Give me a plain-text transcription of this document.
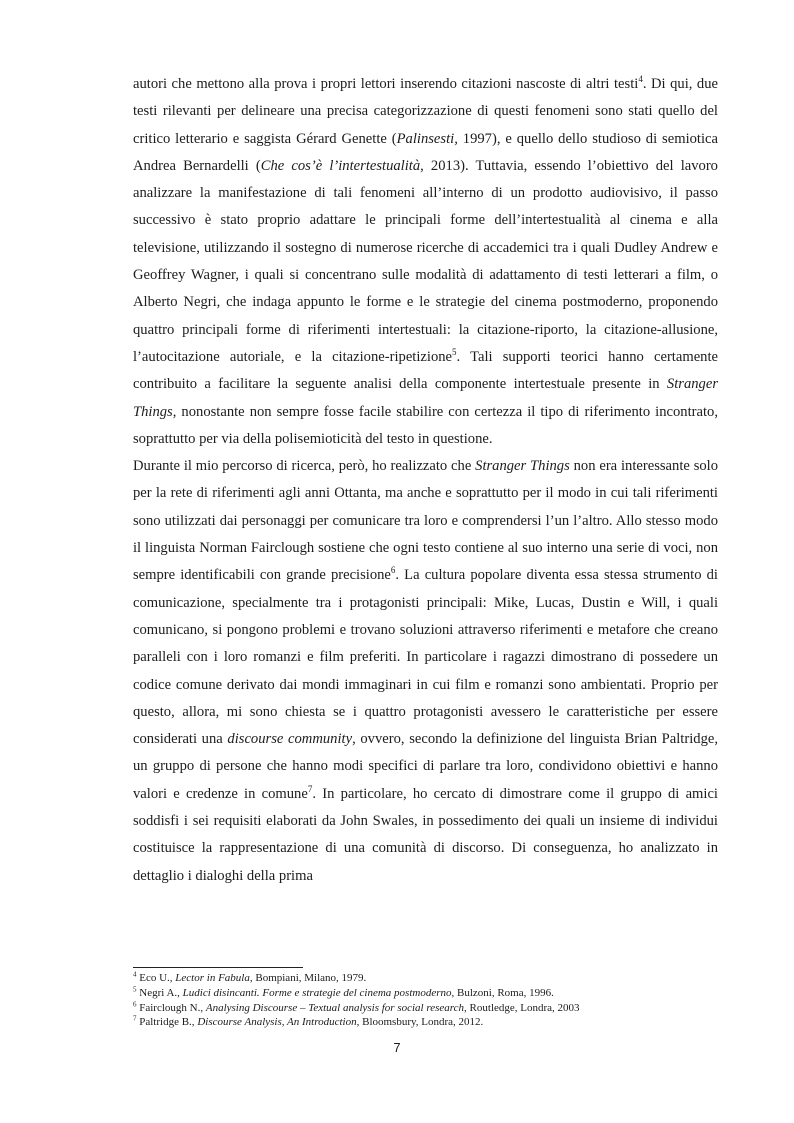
autori che mettono alla prova i propri lettori inserendo citazioni nascoste di altri testi$^4$. Di qui, due testi rilevanti per delineare una precisa categorizzazione di questi fenomeni sono stati quello del critico letterario e saggista Gérard Genette (Palinsesti, 1997), e quello dello studioso di semiotica Andrea Bernardelli (Che cos’è l’intertestualità, 2013). Tuttavia, essendo l’obiettivo del lavoro analizzare la manifestazione di tali fenomeni all’interno di un prodotto audiovisivo, il passo successivo è stato proprio adattare le principali forme dell’intertestualità al cinema e alla televisione, utilizzando il sostegno di numerose ricerche di accademici tra i quali Dudley Andrew e Geoffrey Wagner, i quali si concentrano sulle modalità di adattamento di testi letterari a film, o Alberto Negri, che indaga appunto le forme e le strategie del cinema postmoderno, proponendo quattro principali forme di riferimenti intertestuali: la citazione-riporto, la citazione-allusione, l’autocitazione autoriale, e la citazione-ripetizione$^5$. Tali supporti teorici hanno certamente contribuito a facilitare la seguente analisi della componente intertestuale presente in Stranger Things, nonostante non sempre fosse facile stabilire con certezza il tipo di riferimento incontrato, soprattutto per via della polisemioticità del testo in questione.

Durante il mio percorso di ricerca, però, ho realizzato che Stranger Things non era interessante solo per la rete di riferimenti agli anni Ottanta, ma anche e soprattutto per il modo in cui tali riferimenti sono utilizzati dai personaggi per comunicare tra loro e comprendersi l’un l’altro. Allo stesso modo il linguista Norman Fairclough sostiene che ogni testo contiene al suo interno una serie di voci, non sempre identificabili con grande precisione$^6$. La cultura popolare diventa essa stessa strumento di comunicazione, specialmente tra i protagonisti principali: Mike, Lucas, Dustin e Will, i quali comunicano, si pongono problemi e trovano soluzioni attraverso riferimenti e metafore che creano paralleli con i loro romanzi e film preferiti. In particolare i ragazzi dimostrano di possedere un codice comune derivato dai mondi immaginari in cui film e romanzi sono ambientati. Proprio per questo, allora, mi sono chiesta se i quattro protagonisti avessero le caratteristiche per essere considerati una discourse community, ovvero, secondo la definizione del linguista Brian Paltridge, un gruppo di persone che hanno modi specifici di parlare tra loro, condividono obiettivi e hanno valori e credenze in comune$^7$. In particolare, ho cercato di dimostrare come il gruppo di amici soddisfi i sei requisiti elaborati da John Swales, in possedimento dei quali un insieme di individui costituisce la rappresentazione di una comunità di discorso. Di conseguenza, ho analizzato in dettaglio i dialoghi della prima

$^4$ Eco U., Lector in Fabula, Bompiani, Milano, 1979.

$^5$ Negri A., Ludici disincanti. Forme e strategie del cinema postmoderno, Bulzoni, Roma, 1996.

$^6$ Fairclough N., Analysing Discourse – Textual analysis for social research, Routledge, Londra, 2003

$^7$ Paltridge B., Discourse Analysis, An Introduction, Bloomsbury, Londra, 2012.

7
